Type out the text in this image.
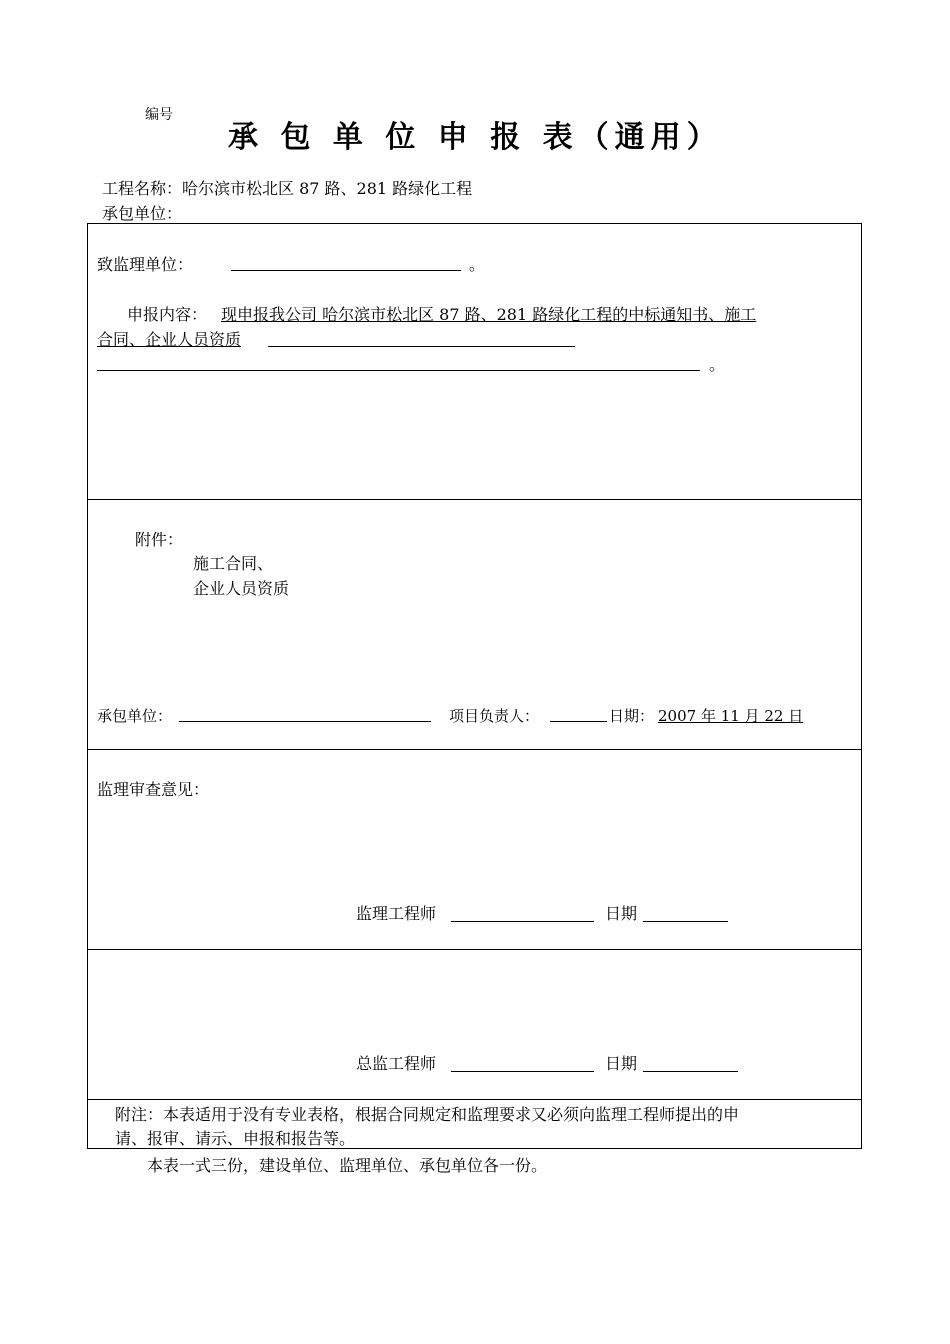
编号
承 包 单 位 申 报 表（通用）
工程名称：哈尔滨市松北区 87 路、281 路绿化工程
承包单位：
致监理单位：	。
申报内容： 现申报我公司 哈尔滨市松北区 87 路、281 路绿化工程的中标通知书、施工
合同、企业人员资质
。
附件：
施工合同、
企业人员资质
承包单位：	项目负责人：	日期： 2007 年 11 月 22 日
监理审查意见：
监理工程师	日期
总监工程师	日期
附注：本表适用于没有专业表格，根据合同规定和监理要求又必须向监理工程师提出的申
请、报审、请示、申报和报告等。
本表一式三份，建设单位、监理单位、承包单位各一份。
